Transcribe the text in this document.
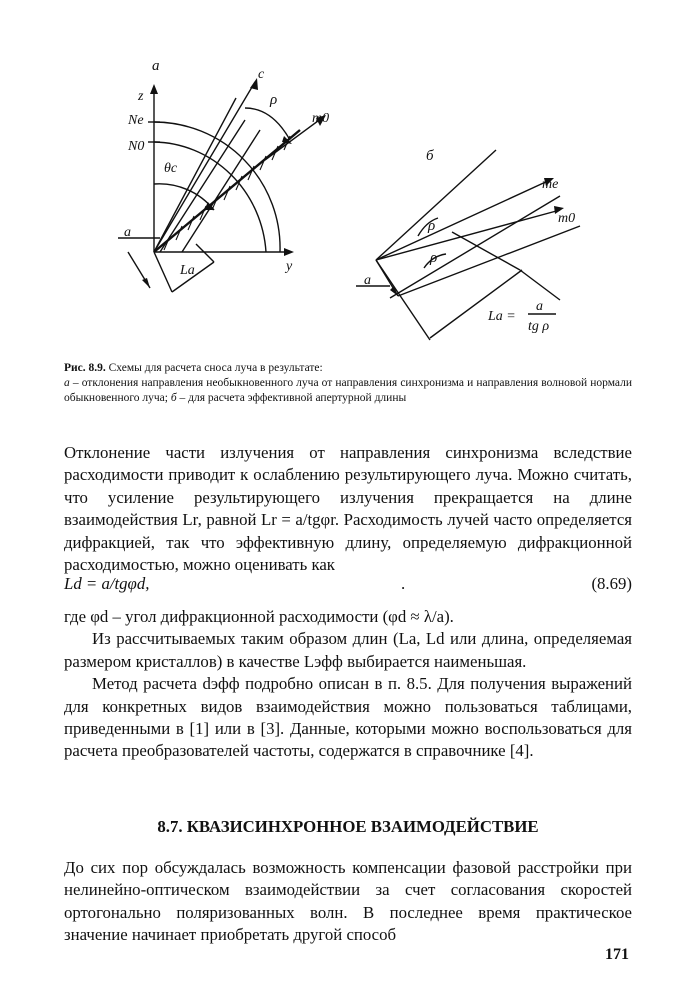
а
z
Ne
N0
θc
c
ρ
m0
a
La	y
б
me
m0
ρ
ρ
a
La =
a
tg ρ
Рис. 8.9. Схемы для расчета сноса луча в результате:
а – отклонения направления необыкновенного луча от направления синхронизма и направления волновой нормали обыкновенного луча; б – для расчета эффективной апертурной длины

Отклонение части излучения от направления синхронизма вследствие расходимости приводит к ослаблению результирующего луча. Можно считать, что усиление результирующего излучения прекращается на длине взаимодействия Lr, равной Lr = a/tgφr. Расходимость лучей часто определяется дифракцией, так что эффективную длину, определяемую дифракционной расходимостью, можно оценивать как

Ld = a/tgφd,	.	(8.69)

где φd – угол дифракционной расходимости (φd ≈ λ/a).

Из рассчитываемых таким образом длин (La, Ld или длина, определяемая размером кристаллов) в качестве Lэфф выбирается наименьшая.

Метод расчета dэфф подробно описан в п. 8.5. Для получения выражений для конкретных видов взаимодействия можно пользоваться таблицами, приведенными в [1] или в [3]. Данные, которыми можно воспользоваться для расчета преобразователей частоты, содержатся в справочнике [4].

8.7. КВАЗИСИНХРОННОЕ ВЗАИМОДЕЙСТВИЕ

До сих пор обсуждалась возможность компенсации фазовой расстройки при нелинейно-оптическом взаимодействии за счет согласования скоростей ортогонально поляризованных волн. В последнее время практическое значение начинает приобретать другой способ

171
